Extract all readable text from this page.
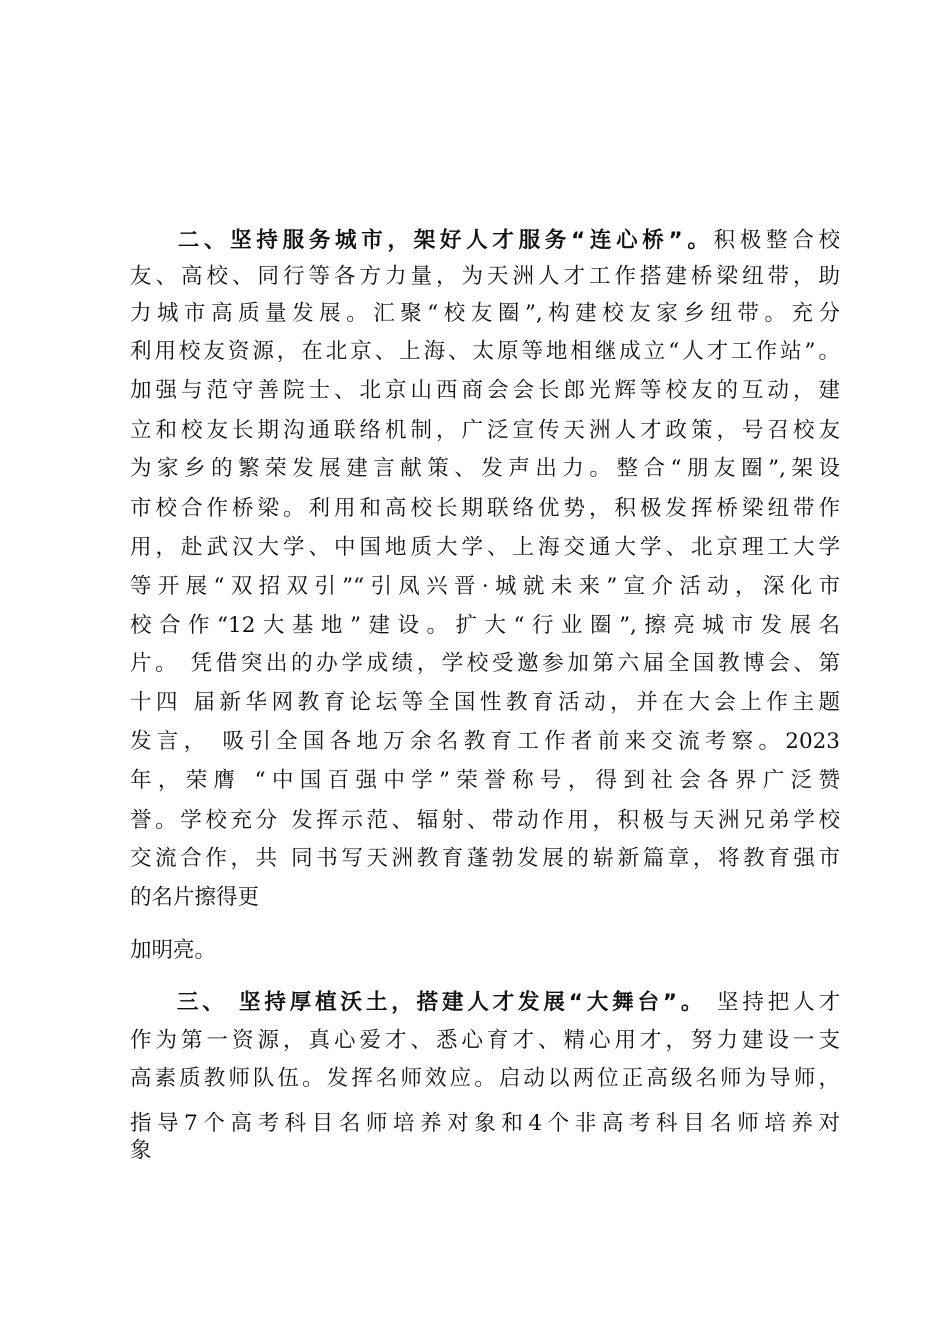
二、坚持服务城市，架好人才服务“连心桥”。积极整合校
友、高校、同行等各方力量，为天洲人才工作搭建桥梁纽带，助
力城市高质量发展。汇聚“校友圈”,构建校友家乡纽带。充分
利用校友资源，在北京、上海、太原等地相继成立“人才工作站”。
加强与范守善院士、北京山西商会会长郎光辉等校友的互动，建
立和校友长期沟通联络机制，广泛宣传天洲人才政策，号召校友
为家乡的繁荣发展建言献策、发声出力。整合“朋友圈”,架设
市校合作桥梁。利用和高校长期联络优势，积极发挥桥梁纽带作
用，赴武汉大学、中国地质大学、上海交通大学、北京理工大学
等开展“双招双引”“引凤兴晋·城就未来”宣介活动，深化市
校合作“12大基地”建设。扩大“行业圈”,擦亮城市发展名
片。 凭借突出的办学成绩，学校受邀参加第六届全国教博会、第
十四 届新华网教育论坛等全国性教育活动，并在大会上作主题
发言， 吸引全国各地万余名教育工作者前来交流考察。2023
年，荣膺 “中国百强中学”荣誉称号，得到社会各界广泛赞
誉。学校充分 发挥示范、辐射、带动作用，积极与天洲兄弟学校
交流合作，共 同书写天洲教育蓬勃发展的崭新篇章，将教育强市
的名片擦得更
加明亮。
三、 坚持厚植沃土，搭建人才发展“大舞台”。 坚持把人才
作为第一资源，真心爱才、悉心育才、精心用才，努力建设一支
高素质教师队伍。发挥名师效应。启动以两位正高级名师为导师，
指导7个高考科目名师培养对象和4个非高考科目名师培养对
象
